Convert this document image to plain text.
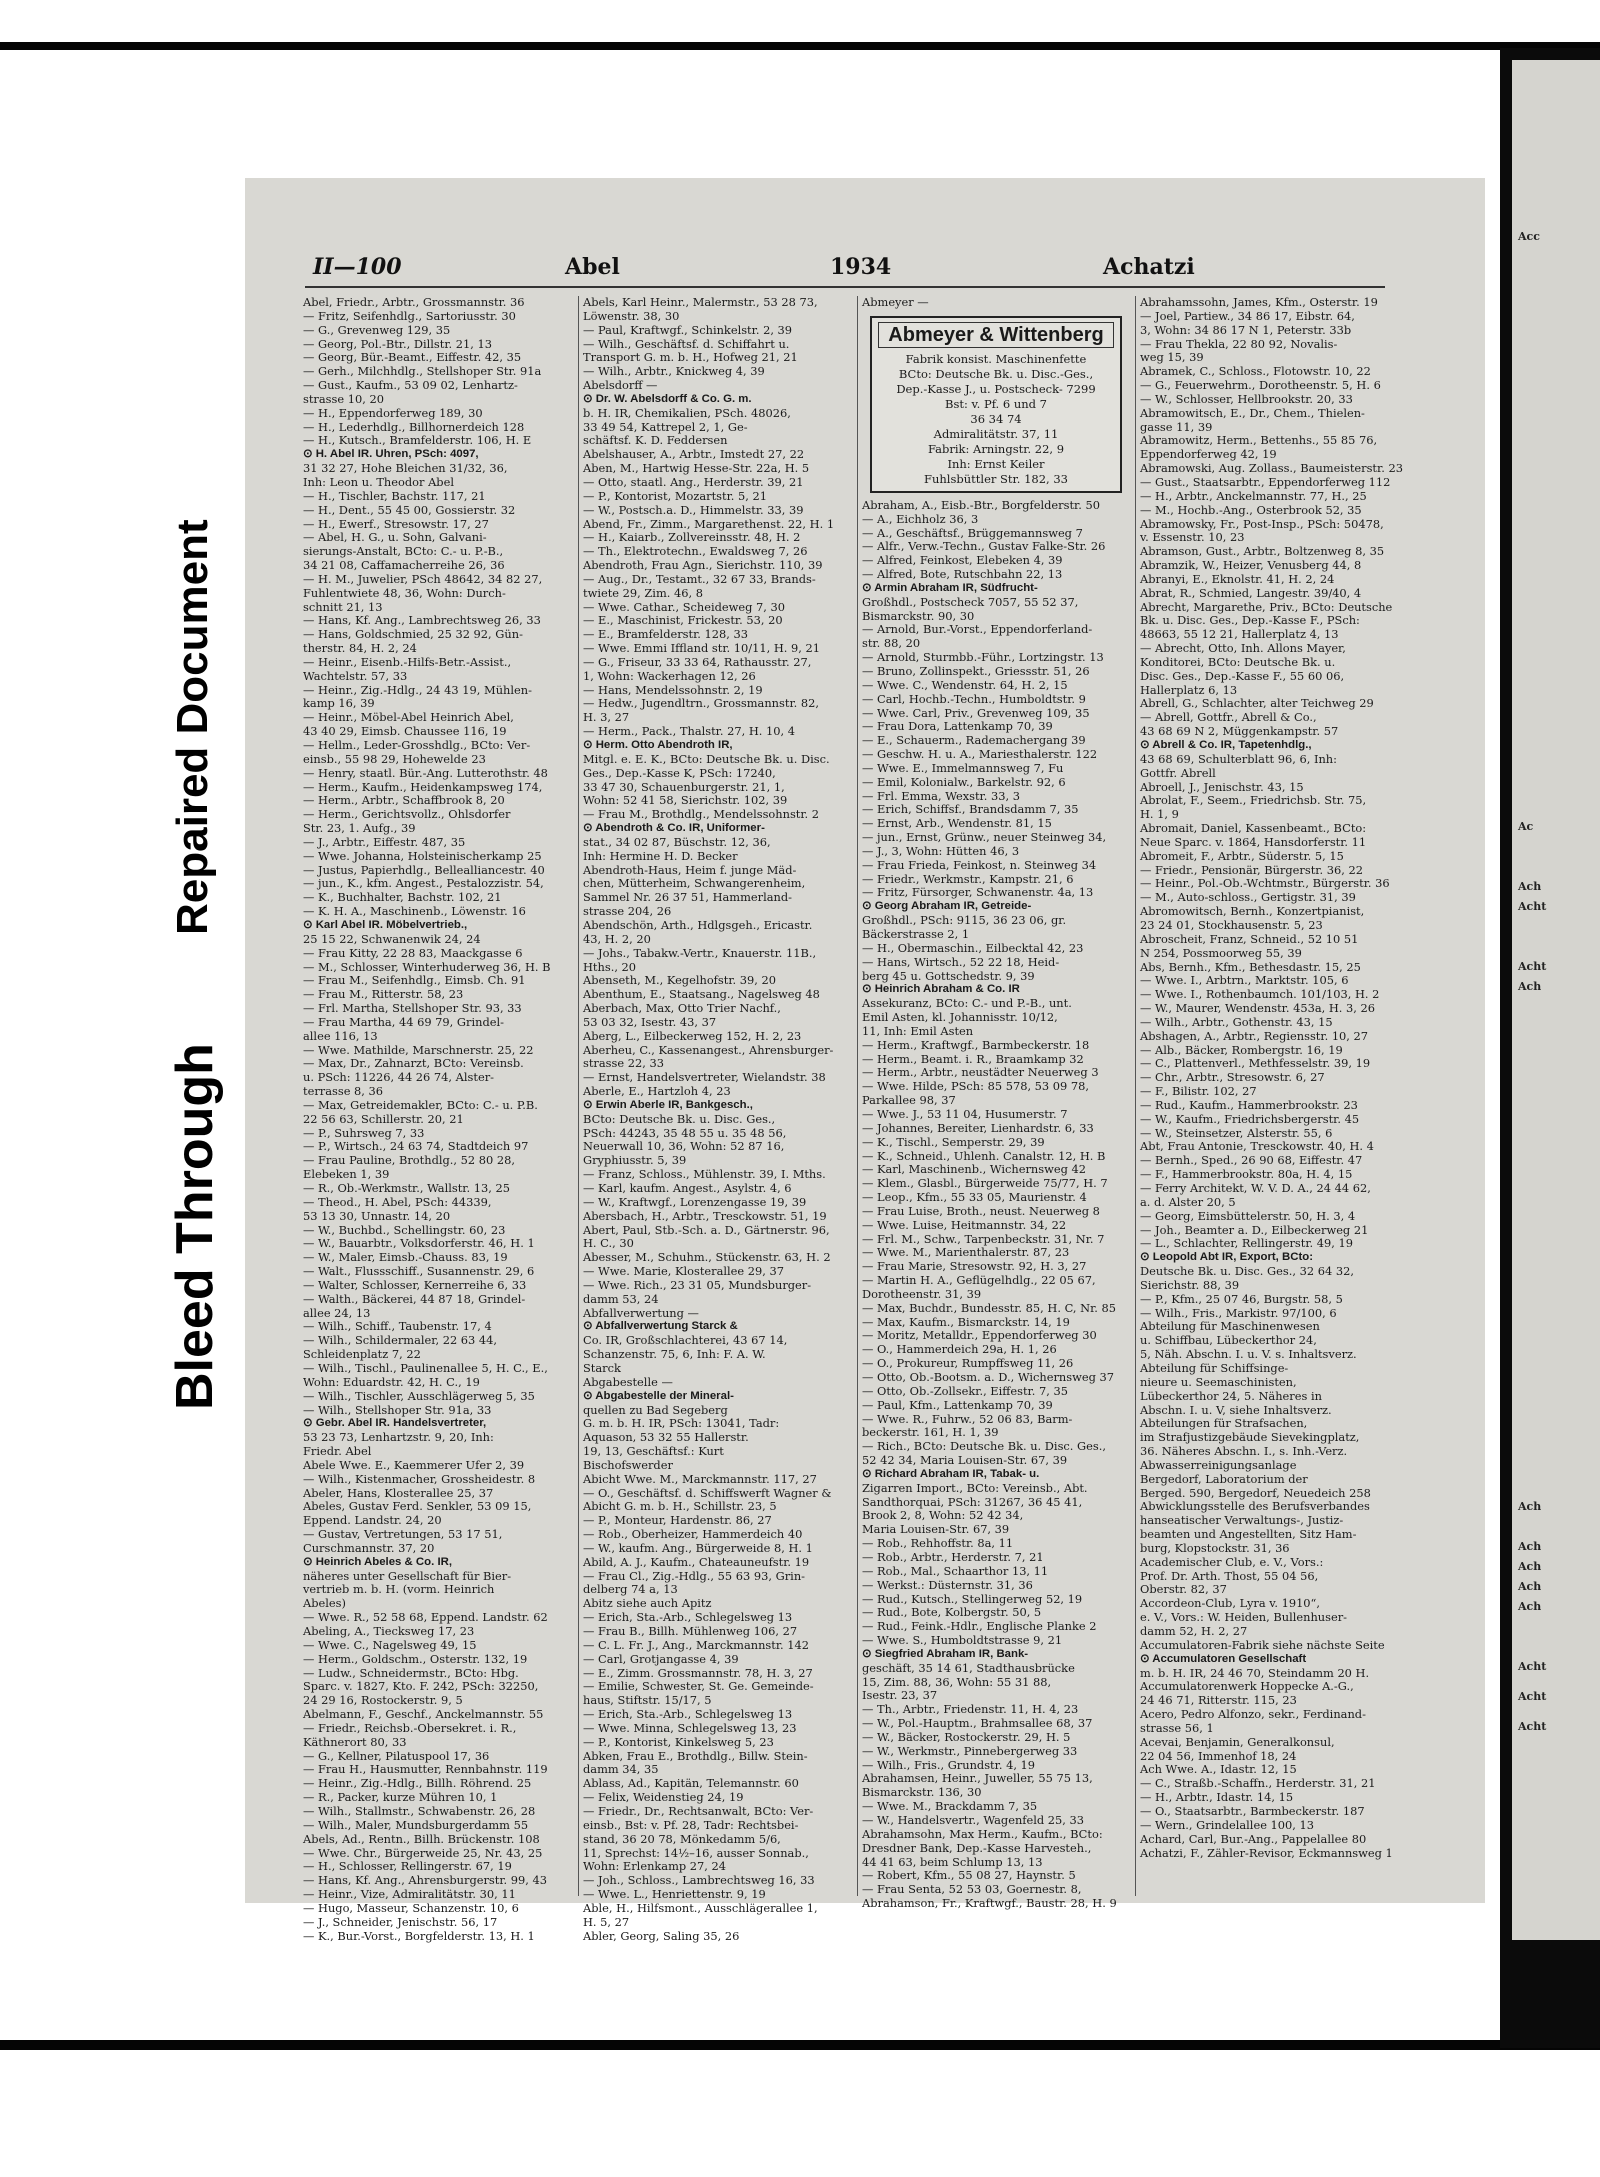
Bleed Through
Repaired Document
II—100	Abel	1934	Achatzi
Abel, Friedr., Arbtr., Grossmannstr. 36
— Fritz, Seifenhdlg., Sartoriusstr. 30
— G., Grevenweg 129, 35
— Georg, Pol.-Btr., Dillstr. 21, 13
— Georg, Bür.-Beamt., Eiffestr. 42, 35
— Gerh., Milchhdlg., Stellshoper Str. 91a
— Gust., Kaufm., 53 09 02, Lenhartz-
strasse 10, 20
— H., Eppendorferweg 189, 30
— H., Lederhdlg., Billhornerdeich 128
— H., Kutsch., Bramfelderstr. 106, H. E
⊙ H. Abel IR. Uhren, PSch: 4097,
31 32 27, Hohe Bleichen 31/32, 36,
Inh: Leon u. Theodor Abel
— H., Tischler, Bachstr. 117, 21
— H., Dent., 55 45 00, Gossierstr. 32
— H., Ewerf., Stresowstr. 17, 27
— Abel, H. G., u. Sohn, Galvani-
sierungs-Anstalt, BCto: C.- u. P.-B.,
34 21 08, Caffamacherreihe 26, 36
— H. M., Juwelier, PSch 48642, 34 82 27,
Fuhlentwiete 48, 36, Wohn: Durch-
schnitt 21, 13
— Hans, Kf. Ang., Lambrechtsweg 26, 33
— Hans, Goldschmied, 25 32 92, Gün-
therstr. 84, H. 2, 24
— Heinr., Eisenb.-Hilfs-Betr.-Assist.,
Wachtelstr. 57, 33
— Heinr., Zig.-Hdlg., 24 43 19, Mühlen-
kamp 16, 39
— Heinr., Möbel-Abel Heinrich Abel,
43 40 29, Eimsb. Chaussee 116, 19
— Hellm., Leder-Grosshdlg., BCto: Ver-
einsb., 55 98 29, Hohewelde 23
— Henry, staatl. Bür.-Ang. Lutterothstr. 48
— Herm., Kaufm., Heidenkampsweg 174,
— Herm., Arbtr., Schaffbrook 8, 20
— Herm., Gerichtsvollz., Ohlsdorfer
Str. 23, 1. Aufg., 39
— J., Arbtr., Eiffestr. 487, 35
— Wwe. Johanna, Holsteinischerkamp 25
— Justus, Papierhdlg., Bellealliancestr. 40
— jun., K., kfm. Angest., Pestalozzistr. 54,
— K., Buchhalter, Bachstr. 102, 21
— K. H. A., Maschinenb., Löwenstr. 16
⊙ Karl Abel IR. Möbelvertrieb.,
25 15 22, Schwanenwik 24, 24
— Frau Kitty, 22 28 83, Maackgasse 6
— M., Schlosser, Winterhuderweg 36, H. B
— Frau M., Seifenhdlg., Eimsb. Ch. 91
— Frau M., Ritterstr. 58, 23
— Frl. Martha, Stellshoper Str. 93, 33
— Frau Martha, 44 69 79, Grindel-
allee 116, 13
— Wwe. Mathilde, Marschnerstr. 25, 22
— Max, Dr., Zahnarzt, BCto: Vereinsb.
u. PSch: 11226, 44 26 74, Alster-
terrasse 8, 36
— Max, Getreidemakler, BCto: C.- u. P.B.
22 56 63, Schillerstr. 20, 21
— P., Suhrsweg 7, 33
— P., Wirtsch., 24 63 74, Stadtdeich 97
— Frau Pauline, Brothdlg., 52 80 28,
Elebeken 1, 39
— R., Ob.-Werkmstr., Wallstr. 13, 25
— Theod., H. Abel, PSch: 44339,
53 13 30, Unnastr. 14, 20
— W., Buchbd., Schellingstr. 60, 23
— W., Bauarbtr., Volksdorferstr. 46, H. 1
— W., Maler, Eimsb.-Chauss. 83, 19
— Walt., Flussschiff., Susannenstr. 29, 6
— Walter, Schlosser, Kernerreihe 6, 33
— Walth., Bäckerei, 44 87 18, Grindel-
allee 24, 13
— Wilh., Schiff., Taubenstr. 17, 4
— Wilh., Schildermaler, 22 63 44,
Schleidenplatz 7, 22
— Wilh., Tischl., Paulinenallee 5, H. C., E.,
Wohn: Eduardstr. 42, H. C., 19
— Wilh., Tischler, Ausschlägerweg 5, 35
— Wilh., Stellshoper Str. 91a, 33
⊙ Gebr. Abel IR. Handelsvertreter,
53 23 73, Lenhartzstr. 9, 20, Inh:
Friedr. Abel
Abele Wwe. E., Kaemmerer Ufer 2, 39
— Wilh., Kistenmacher, Grossheidestr. 8
Abeler, Hans, Klosterallee 25, 37
Abeles, Gustav Ferd. Senkler, 53 09 15,
Eppend. Landstr. 24, 20
— Gustav, Vertretungen, 53 17 51,
Curschmannstr. 37, 20
⊙ Heinrich Abeles & Co. IR,
näheres unter Gesellschaft für Bier-
vertrieb m. b. H. (vorm. Heinrich
Abeles)
— Wwe. R., 52 58 68, Eppend. Landstr. 62
Abeling, A., Tiecksweg 17, 23
— Wwe. C., Nagelsweg 49, 15
— Herm., Goldschm., Osterstr. 132, 19
— Ludw., Schneidermstr., BCto: Hbg.
Sparc. v. 1827, Kto. F. 242, PSch: 32250,
24 29 16, Rostockerstr. 9, 5
Abelmann, F., Geschf., Anckelmannstr. 55
— Friedr., Reichsb.-Obersekret. i. R.,
Käthnerort 80, 33
— G., Kellner, Pilatuspool 17, 36
— Frau H., Hausmutter, Rennbahnstr. 119
— Heinr., Zig.-Hdlg., Billh. Röhrend. 25
— R., Packer, kurze Mühren 10, 1
— Wilh., Stallmstr., Schwabenstr. 26, 28
— Wilh., Maler, Mundsburgerdamm 55
Abels, Ad., Rentn., Billh. Brückenstr. 108
— Wwe. Chr., Bürgerweide 25, Nr. 43, 25
— H., Schlosser, Rellingerstr. 67, 19
— Hans, Kf. Ang., Ahrensburgerstr. 99, 43
— Heinr., Vize, Admiralitätstr. 30, 11
— Hugo, Masseur, Schanzenstr. 10, 6
— J., Schneider, Jenischstr. 56, 17
— K., Bur.-Vorst., Borgfelderstr. 13, H. 1
Abels, Karl Heinr., Malermstr., 53 28 73,
Löwenstr. 38, 30
— Paul, Kraftwgf., Schinkelstr. 2, 39
— Wilh., Geschäftsf. d. Schiffahrt u.
Transport G. m. b. H., Hofweg 21, 21
— Wilh., Arbtr., Knickweg 4, 39
Abelsdorff —
⊙ Dr. W. Abelsdorff & Co. G. m.
b. H. IR, Chemikalien, PSch. 48026,
33 49 54, Kattrepel 2, 1, Ge-
schäftsf. K. D. Feddersen
Abelshauser, A., Arbtr., Imstedt 27, 22
Aben, M., Hartwig Hesse-Str. 22a, H. 5
— Otto, staatl. Ang., Herderstr. 39, 21
— P., Kontorist, Mozartstr. 5, 21
— W., Postsch.a. D., Himmelstr. 33, 39
Abend, Fr., Zimm., Margarethenst. 22, H. 1
— H., Kaiarb., Zollvereinsstr. 48, H. 2
— Th., Elektrotechn., Ewaldsweg 7, 26
Abendroth, Frau Agn., Sierichstr. 110, 39
— Aug., Dr., Testamt., 32 67 33, Brands-
twiete 29, Zim. 46, 8
— Wwe. Cathar., Scheideweg 7, 30
— E., Maschinist, Frickestr. 53, 20
— E., Bramfelderstr. 128, 33
— Wwe. Emmi Iffland str. 10/11, H. 9, 21
— G., Friseur, 33 33 64, Rathausstr. 27,
1, Wohn: Wackerhagen 12, 26
— Hans, Mendelssohnstr. 2, 19
— Hedw., Jugendltrn., Grossmannstr. 82,
H. 3, 27
— Herm., Pack., Thalstr. 27, H. 10, 4
⊙ Herm. Otto Abendroth IR,
Mitgl. e. E. K., BCto: Deutsche Bk. u. Disc.
Ges., Dep.-Kasse K, PSch: 17240,
33 47 30, Schauenburgerstr. 21, 1,
Wohn: 52 41 58, Sierichstr. 102, 39
— Frau M., Brothdlg., Mendelssohnstr. 2
⊙ Abendroth & Co. IR, Uniformer-
stat., 34 02 87, Büschstr. 12, 36,
Inh: Hermine H. D. Becker
Abendroth-Haus, Heim f. junge Mäd-
chen, Mütterheim, Schwangerenheim,
Sammel Nr. 26 37 51, Hammerland-
strasse 204, 26
Abendschön, Arth., Hdlgsgeh., Ericastr.
43, H. 2, 20
— Johs., Tabakw.-Vertr., Knauerstr. 11B.,
Hths., 20
Abenseth, M., Kegelhofstr. 39, 20
Abenthum, E., Staatsang., Nagelsweg 48
Aberbach, Max, Otto Trier Nachf.,
53 03 32, Isestr. 43, 37
Aberg, L., Eilbeckerweg 152, H. 2, 23
Aberheu, C., Kassenangest., Ahrensburger-
strasse 22, 33
— Ernst, Handelsvertreter, Wielandstr. 38
Aberle, E., Hartzloh 4, 23
⊙ Erwin Aberle IR, Bankgesch.,
BCto: Deutsche Bk. u. Disc. Ges.,
PSch: 44243, 35 48 55 u. 35 48 56,
Neuerwall 10, 36, Wohn: 52 87 16,
Gryphiusstr. 5, 39
— Franz, Schloss., Mühlenstr. 39, I. Mths.
— Karl, kaufm. Angest., Asylstr. 4, 6
— W., Kraftwgf., Lorenzengasse 19, 39
Abersbach, H., Arbtr., Tresckowstr. 51, 19
Abert, Paul, Stb.-Sch. a. D., Gärtnerstr. 96,
H. C., 30
Abesser, M., Schuhm., Stückenstr. 63, H. 2
— Wwe. Marie, Klosterallee 29, 37
— Wwe. Rich., 23 31 05, Mundsburger-
damm 53, 24
Abfallverwertung —
⊙ Abfallverwertung Starck &
Co. IR, Großschlachterei, 43 67 14,
Schanzenstr. 75, 6, Inh: F. A. W.
Starck
Abgabestelle —
⊙ Abgabestelle der Mineral-
quellen zu Bad Segeberg
G. m. b. H. IR, PSch: 13041, Tadr:
Aquason, 53 32 55 Hallerstr.
19, 13, Geschäftsf.: Kurt
Bischofswerder
Abicht Wwe. M., Marckmannstr. 117, 27
— O., Geschäftsf. d. Schiffswerft Wagner &
Abicht G. m. b. H., Schillstr. 23, 5
— P., Monteur, Hardenstr. 86, 27
— Rob., Oberheizer, Hammerdeich 40
— W., kaufm. Ang., Bürgerweide 8, H. 1
Abild, A. J., Kaufm., Chateauneufstr. 19
— Frau Cl., Zig.-Hdlg., 55 63 93, Grin-
delberg 74 a, 13
Abitz siehe auch Apitz
— Erich, Sta.-Arb., Schlegelsweg 13
— Frau B., Billh. Mühlenweg 106, 27
— C. L. Fr. J., Ang., Marckmannstr. 142
— Carl, Grotjangasse 4, 39
— E., Zimm. Grossmannstr. 78, H. 3, 27
— Emilie, Schwester, St. Ge. Gemeinde-
haus, Stiftstr. 15/17, 5
— Erich, Sta.-Arb., Schlegelsweg 13
— Wwe. Minna, Schlegelsweg 13, 23
— P., Kontorist, Kinkelsweg 5, 23
Abken, Frau E., Brothdlg., Billw. Stein-
damm 34, 35
Ablass, Ad., Kapitän, Telemannstr. 60
— Felix, Weidenstieg 24, 19
— Friedr., Dr., Rechtsanwalt, BCto: Ver-
einsb., Bst: v. Pf. 28, Tadr: Rechtsbei-
stand, 36 20 78, Mönkedamm 5/6,
11, Sprechst: 14½–16, ausser Sonnab.,
Wohn: Erlenkamp 27, 24
— Joh., Schloss., Lambrechtsweg 16, 33
— Wwe. L., Henriettenstr. 9, 19
Able, H., Hilfsmont., Ausschlägerallee 1,
H. 5, 27
Abler, Georg, Saling 35, 26
Abmeyer —
Abmeyer & Wittenberg
Fabrik konsist. Maschinenfette
BCto: Deutsche Bk. u. Disc.-Ges.,
Dep.-Kasse J., u. Postscheck- 7299
Bst: v. Pf. 6 und 7
36 34 74
Admiralitätstr. 37, 11
Fabrik: Arningstr. 22, 9
Inh: Ernst Keiler
Fuhlsbüttler Str. 182, 33
Abraham, A., Eisb.-Btr., Borgfelderstr. 50
— A., Eichholz 36, 3
— A., Geschäftsf., Brüggemannsweg 7
— Alfr., Verw.-Techn., Gustav Falke-Str. 26
— Alfred, Feinkost, Elebeken 4, 39
— Alfred, Bote, Rutschbahn 22, 13
⊙ Armin Abraham IR, Südfrucht-
Großhdl., Postscheck 7057, 55 52 37,
Bismarckstr. 90, 30
— Arnold, Bur.-Vorst., Eppendorferland-
str. 88, 20
— Arnold, Sturmbb.-Führ., Lortzingstr. 13
— Bruno, Zollinspekt., Griessstr. 51, 26
— Wwe. C., Wendenstr. 64, H. 2, 15
— Carl, Hochb.-Techn., Humboldtstr. 9
— Wwe. Carl, Priv., Grevenweg 109, 35
— Frau Dora, Lattenkamp 70, 39
— E., Schauerm., Rademachergang 39
— Geschw. H. u. A., Mariesthalerstr. 122
— Wwe. E., Immelmannsweg 7, Fu
— Emil, Kolonialw., Barkelstr. 92, 6
— Frl. Emma, Wexstr. 33, 3
— Erich, Schiffsf., Brandsdamm 7, 35
— Ernst, Arb., Wendenstr. 81, 15
— jun., Ernst, Grünw., neuer Steinweg 34,
— J., 3, Wohn: Hütten 46, 3
— Frau Frieda, Feinkost, n. Steinweg 34
— Friedr., Werkmstr., Kampstr. 21, 6
— Fritz, Fürsorger, Schwanenstr. 4a, 13
⊙ Georg Abraham IR, Getreide-
Großhdl., PSch: 9115, 36 23 06, gr.
Bäckerstrasse 2, 1
— H., Obermaschin., Eilbecktal 42, 23
— Hans, Wirtsch., 52 22 18, Heid-
berg 45 u. Gottschedstr. 9, 39
⊙ Heinrich Abraham & Co. IR
Assekuranz, BCto: C.- und P.-B., unt.
Emil Asten, kl. Johannisstr. 10/12,
11, Inh: Emil Asten
— Herm., Kraftwgf., Barmbeckerstr. 18
— Herm., Beamt. i. R., Braamkamp 32
— Herm., Arbtr., neustädter Neuerweg 3
— Wwe. Hilde, PSch: 85 578, 53 09 78,
Parkallee 98, 37
— Wwe. J., 53 11 04, Husumerstr. 7
— Johannes, Bereiter, Lienhardstr. 6, 33
— K., Tischl., Semperstr. 29, 39
— K., Schneid., Uhlenh. Canalstr. 12, H. B
— Karl, Maschinenb., Wichernsweg 42
— Klem., Glasbl., Bürgerweide 75/77, H. 7
— Leop., Kfm., 55 33 05, Maurienstr. 4
— Frau Luise, Broth., neust. Neuerweg 8
— Wwe. Luise, Heitmannstr. 34, 22
— Frl. M., Schw., Tarpenbeckstr. 31, Nr. 7
— Wwe. M., Marienthalerstr. 87, 23
— Frau Marie, Stresowstr. 92, H. 3, 27
— Martin H. A., Geflügelhdlg., 22 05 67,
Dorotheenstr. 31, 39
— Max, Buchdr., Bundesstr. 85, H. C, Nr. 85
— Max, Kaufm., Bismarckstr. 14, 19
— Moritz, Metalldr., Eppendorferweg 30
— O., Hammerdeich 29a, H. 1, 26
— O., Prokureur, Rumpffsweg 11, 26
— Otto, Ob.-Bootsm. a. D., Wichernsweg 37
— Otto, Ob.-Zollsekr., Eiffestr. 7, 35
— Paul, Kfm., Lattenkamp 70, 39
— Wwe. R., Fuhrw., 52 06 83, Barm-
beckerstr. 161, H. 1, 39
— Rich., BCto: Deutsche Bk. u. Disc. Ges.,
52 42 34, Maria Louisen-Str. 67, 39
⊙ Richard Abraham IR, Tabak- u.
Zigarren Import., BCto: Vereinsb., Abt.
Sandthorquai, PSch: 31267, 36 45 41,
Brook 2, 8, Wohn: 52 42 34,
Maria Louisen-Str. 67, 39
— Rob., Rehhoffstr. 8a, 11
— Rob., Arbtr., Herderstr. 7, 21
— Rob., Mal., Schaarthor 13, 11
— Werkst.: Düsternstr. 31, 36
— Rud., Kutsch., Stellingerweg 52, 19
— Rud., Bote, Kolbergstr. 50, 5
— Rud., Feink.-Hdlr., Englische Planke 2
— Wwe. S., Humboldtstrasse 9, 21
⊙ Siegfried Abraham IR, Bank-
geschäft, 35 14 61, Stadthausbrücke
15, Zim. 88, 36, Wohn: 55 31 88,
Isestr. 23, 37
— Th., Arbtr., Friedenstr. 11, H. 4, 23
— W., Pol.-Hauptm., Brahmsallee 68, 37
— W., Bäcker, Rostockerstr. 29, H. 5
— W., Werkmstr., Pinnebergerweg 33
— Wilh., Fris., Grundstr. 4, 19
Abrahamsen, Heinr., Juweller, 55 75 13,
Bismarckstr. 136, 30
— Wwe. M., Brackdamm 7, 35
— W., Handelsvertr., Wagenfeld 25, 33
Abrahamsohn, Max Herm., Kaufm., BCto:
Dresdner Bank, Dep.-Kasse Harvesteh.,
44 41 63, beim Schlump 13, 13
— Robert, Kfm., 55 08 27, Haynstr. 5
— Frau Senta, 52 53 03, Goernestr. 8,
Abrahamson, Fr., Kraftwgf., Baustr. 28, H. 9
Abrahamssohn, James, Kfm., Osterstr. 19
— Joel, Partiew., 34 86 17, Eibstr. 64,
3, Wohn: 34 86 17 N 1, Peterstr. 33b
— Frau Thekla, 22 80 92, Novalis-
weg 15, 39
Abramek, C., Schloss., Flotowstr. 10, 22
— G., Feuerwehrm., Dorotheenstr. 5, H. 6
— W., Schlosser, Hellbrookstr. 20, 33
Abramowitsch, E., Dr., Chem., Thielen-
gasse 11, 39
Abramowitz, Herm., Bettenhs., 55 85 76,
Eppendorferweg 42, 19
Abramowski, Aug. Zollass., Baumeisterstr. 23
— Gust., Staatsarbtr., Eppendorferweg 112
— H., Arbtr., Anckelmannstr. 77, H., 25
— M., Hochb.-Ang., Osterbrook 52, 35
Abramowsky, Fr., Post-Insp., PSch: 50478,
v. Essenstr. 10, 23
Abramson, Gust., Arbtr., Boltzenweg 8, 35
Abramzik, W., Heizer, Venusberg 44, 8
Abranyi, E., Eknolstr. 41, H. 2, 24
Abrat, R., Schmied, Langestr. 39/40, 4
Abrecht, Margarethe, Priv., BCto: Deutsche
Bk. u. Disc. Ges., Dep.-Kasse F., PSch:
48663, 55 12 21, Hallerplatz 4, 13
— Abrecht, Otto, Inh. Allons Mayer,
Konditorei, BCto: Deutsche Bk. u.
Disc. Ges., Dep.-Kasse F., 55 60 06,
Hallerplatz 6, 13
Abrell, G., Schlachter, alter Teichweg 29
— Abrell, Gottfr., Abrell & Co.,
43 68 69 N 2, Müggenkampstr. 57
⊙ Abrell & Co. IR, Tapetenhdlg.,
43 68 69, Schulterblatt 96, 6, Inh:
Gottfr. Abrell
Abroell, J., Jenischstr. 43, 15
Abrolat, F., Seem., Friedrichsb. Str. 75,
H. 1, 9
Abromait, Daniel, Kassenbeamt., BCto:
Neue Sparc. v. 1864, Hansdorferstr. 11
Abromeit, F., Arbtr., Süderstr. 5, 15
— Friedr., Pensionär, Bürgerstr. 36, 22
— Heinr., Pol.-Ob.-Wchtmstr., Bürgerstr. 36
— M., Auto-schloss., Gertigstr. 31, 39
Abromowitsch, Bernh., Konzertpianist,
23 24 01, Stockhausenstr. 5, 23
Abroscheit, Franz, Schneid., 52 10 51
N 254, Possmoorweg 55, 39
Abs, Bernh., Kfm., Bethesdastr. 15, 25
— Wwe. I., Arbtrn., Marktstr. 105, 6
— Wwe. I., Rothenbaumch. 101/103, H. 2
— W., Maurer, Wendenstr. 453a, H. 3, 26
— Wilh., Arbtr., Gothenstr. 43, 15
Abshagen, A., Arbtr., Regiensstr. 10, 27
— Alb., Bäcker, Rombergstr. 16, 19
— C., Plattenverl., Methfesselstr. 39, 19
— Chr., Arbtr., Stresowstr. 6, 27
— F., Bilistr. 102, 27
— Rud., Kaufm., Hammerbrookstr. 23
— W., Kaufm., Friedrichsbergerstr. 45
— W., Steinsetzer, Alsterstr. 55, 6
Abt, Frau Antonie, Tresckowstr. 40, H. 4
— Bernh., Sped., 26 90 68, Eiffestr. 47
— F., Hammerbrookstr. 80a, H. 4, 15
— Ferry Architekt, W. V. D. A., 24 44 62,
a. d. Alster 20, 5
— Georg, Eimsbüttelerstr. 50, H. 3, 4
— Joh., Beamter a. D., Eilbeckerweg 21
— L., Schlachter, Rellingerstr. 49, 19
⊙ Leopold Abt IR, Export, BCto:
Deutsche Bk. u. Disc. Ges., 32 64 32,
Sierichstr. 88, 39
— P., Kfm., 25 07 46, Burgstr. 58, 5
— Wilh., Fris., Markistr. 97/100, 6
Abteilung für Maschinenwesen
u. Schiffbau, Lübeckerthor 24,
5, Näh. Abschn. I. u. V. s. Inhaltsverz.
Abteilung für Schiffsinge-
nieure u. Seemaschinisten,
Lübeckerthor 24, 5. Näheres in
Abschn. I. u. V, siehe Inhaltsverz.
Abteilungen für Strafsachen,
im Strafjustizgebäude Sievekingplatz,
36. Näheres Abschn. I., s. Inh.-Verz.
Abwasserreinigungsanlage
Bergedorf, Laboratorium der
Berged. 590, Bergedorf, Neuedeich 258
Abwicklungsstelle des Berufsverbandes
hanseatischer Verwaltungs-, Justiz-
beamten und Angestellten, Sitz Ham-
burg, Klopstockstr. 31, 36
Academischer Club, e. V., Vors.:
Prof. Dr. Arth. Thost, 55 04 56,
Oberstr. 82, 37
Accordeon-Club, Lyra v. 1910“,
e. V., Vors.: W. Heiden, Bullenhuser-
damm 52, H. 2, 27
Accumulatoren-Fabrik siehe nächste Seite
⊙ Accumulatoren Gesellschaft
m. b. H. IR, 24 46 70, Steindamm 20 H.
Accumulatorenwerk Hoppecke A.-G.,
24 46 71, Ritterstr. 115, 23
Acero, Pedro Alfonzo, sekr., Ferdinand-
strasse 56, 1
Acevai, Benjamin, Generalkonsul,
22 04 56, Immenhof 18, 24
Ach Wwe. A., Idastr. 12, 15
— C., Straßb.-Schaffn., Herderstr. 31, 21
— H., Arbtr., Idastr. 14, 15
— O., Staatsarbtr., Barmbeckerstr. 187
— Wern., Grindelallee 100, 13
Achard, Carl, Bur.-Ang., Pappelallee 80
Achatzi, F., Zähler-Revisor, Eckmannsweg 1
Acc
Ac
Ach
Acht
Acht
Ach
Ach
Ach
Ach
Ach
Ach
Acht
Acht
Acht
